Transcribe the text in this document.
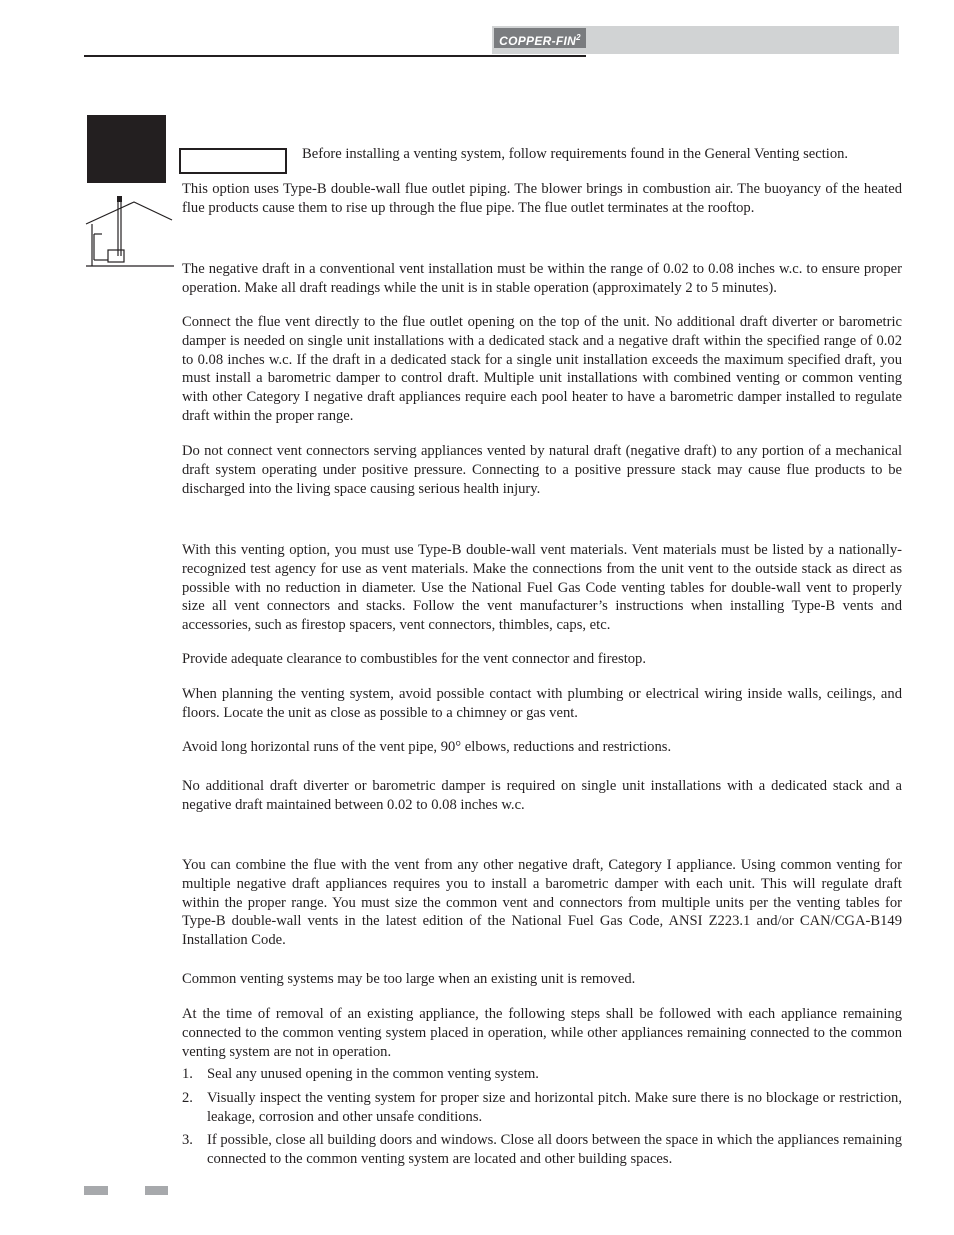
COPPER-FIN$^2$
Before installing a venting system, follow requirements found in the General Venting section.
This option uses Type-B double-wall flue outlet piping. The blower brings in combustion air. The buoyancy of the heated flue products cause them to rise up through the flue pipe. The flue outlet terminates at the rooftop.
The negative draft in a conventional vent installation must be within the range of 0.02 to 0.08 inches w.c. to ensure proper operation. Make all draft readings while the unit is in stable operation (approximately 2 to 5 minutes).
Connect the flue vent directly to the flue outlet opening on the top of the unit. No additional draft diverter or barometric damper is needed on single unit installations with a dedicated stack and a negative draft within the specified range of 0.02 to 0.08 inches w.c. If the draft in a dedicated stack for a single unit installation exceeds the maximum specified draft, you must install a barometric damper to control draft. Multiple unit installations with combined venting or common venting with other Category I negative draft appliances require each pool heater to have a barometric damper installed to regulate draft within the proper range.
Do not connect vent connectors serving appliances vented by natural draft (negative draft) to any portion of a mechanical draft system operating under positive pressure. Connecting to a positive pressure stack may cause flue products to be discharged into the living space causing serious health injury.
With this venting option, you must use Type-B double-wall vent materials. Vent materials must be listed by a nationally-recognized test agency for use as vent materials. Make the connections from the unit vent to the outside stack as direct as possible with no reduction in diameter. Use the National Fuel Gas Code venting tables for double-wall vent to properly size all vent connectors and stacks. Follow the vent manufacturer’s instructions when installing Type-B vents and accessories, such as firestop spacers, vent connectors, thimbles, caps, etc.
Provide adequate clearance to combustibles for the vent connector and firestop.
When planning the venting system, avoid possible contact with plumbing or electrical wiring inside walls, ceilings, and floors. Locate the unit as close as possible to a chimney or gas vent.
Avoid long horizontal runs of the vent pipe, 90° elbows, reductions and restrictions.
No additional draft diverter or barometric damper is required on single unit installations with a dedicated stack and a negative draft maintained between 0.02 to 0.08 inches w.c.
You can combine the flue with the vent from any other negative draft, Category I appliance. Using common venting for multiple negative draft appliances requires you to install a barometric damper with each unit. This will regulate draft within the proper range. You must size the common vent and connectors from multiple units per the venting tables for Type-B double-wall vents in the latest edition of the National Fuel Gas Code, ANSI Z223.1 and/or CAN/CGA-B149 Installation Code.
Common venting systems may be too large when an existing unit is removed.
At the time of removal of an existing appliance, the following steps shall be followed with each appliance remaining connected to the common venting system placed in operation, while other appliances remaining connected to the common venting system are not in operation.
1. Seal any unused opening in the common venting system.
2. Visually inspect the venting system for proper size and horizontal pitch. Make sure there is no blockage or restriction, leakage, corrosion and other unsafe conditions.
3. If possible, close all building doors and windows. Close all doors between the space in which the appliances remaining connected to the common venting system are located and other building spaces.
